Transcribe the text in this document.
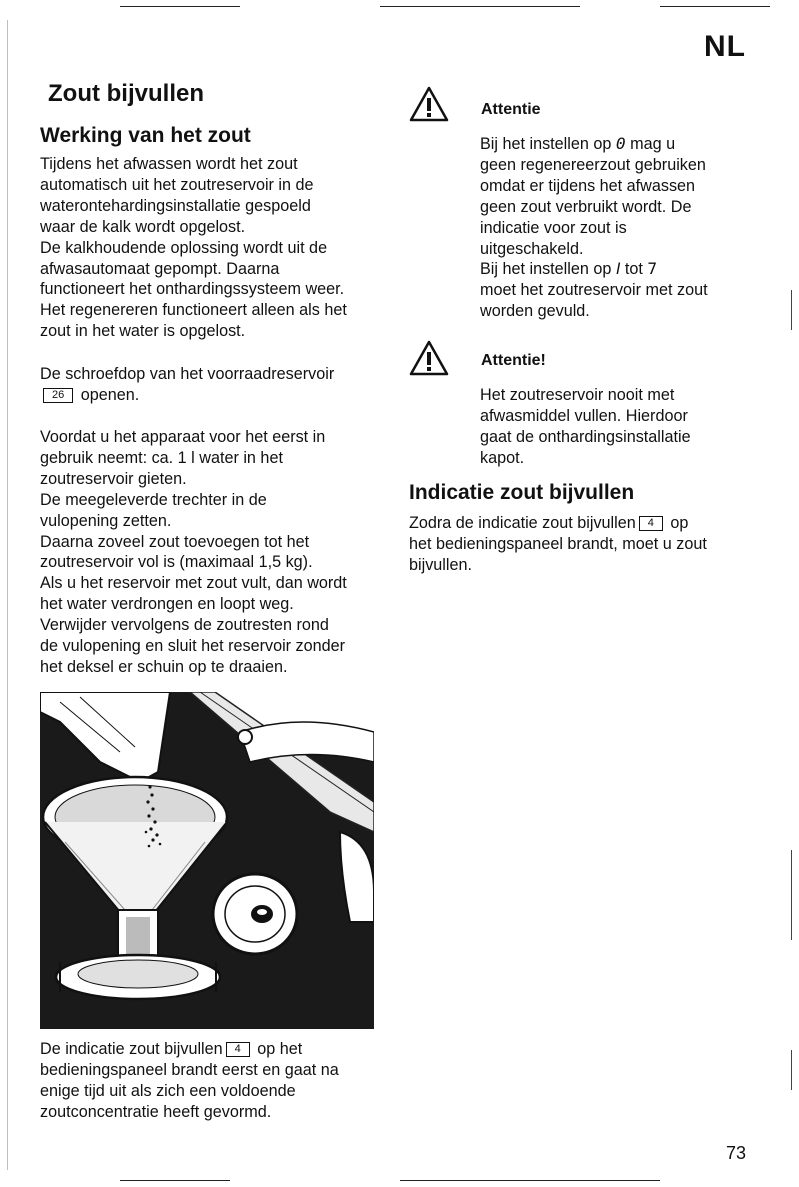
NL
Zout bijvullen
Werking van het zout
Tijdens het afwassen wordt het zout
automatisch uit het zoutreservoir in de
waterontehardingsinstallatie gespoeld
waar de kalk wordt opgelost.
De kalkhoudende oplossing wordt uit de
afwasautomaat gepompt. Daarna
functioneert het onthardingssysteem weer.
Het regenereren functioneert alleen als het
zout in het water is opgelost.
De schroefdop van het voorraadreservoir
26 openen.
Voordat u het apparaat voor het eerst in
gebruik neemt: ca. 1 l water in het
zoutreservoir gieten.
De meegeleverde trechter in de
vulopening zetten.
Daarna zoveel zout toevoegen tot het
zoutreservoir vol is (maximaal 1,5 kg).
Als u het reservoir met zout vult, dan wordt
het water verdrongen en loopt weg.
Verwijder vervolgens de zoutresten rond
de vulopening en sluit het reservoir zonder
het deksel er schuin op te draaien.
De indicatie zout bijvullen 4 op het
bedieningspaneel brandt eerst en gaat na
enige tijd uit als zich een voldoende
zoutconcentratie heeft gevormd.
Attentie
Bij het instellen op 0 mag u
geen regenereerzout gebruiken
omdat er tijdens het afwassen
geen zout verbruikt wordt. De
indicatie voor zout is
uitgeschakeld.
Bij het instellen op I tot 7
moet het zoutreservoir met zout
worden gevuld.
Attentie!
Het zoutreservoir nooit met
afwasmiddel vullen. Hierdoor
gaat de onthardingsinstallatie
kapot.
Indicatie zout bijvullen
Zodra de indicatie zout bijvullen 4 op
het bedieningspaneel brandt, moet u zout
bijvullen.
73
